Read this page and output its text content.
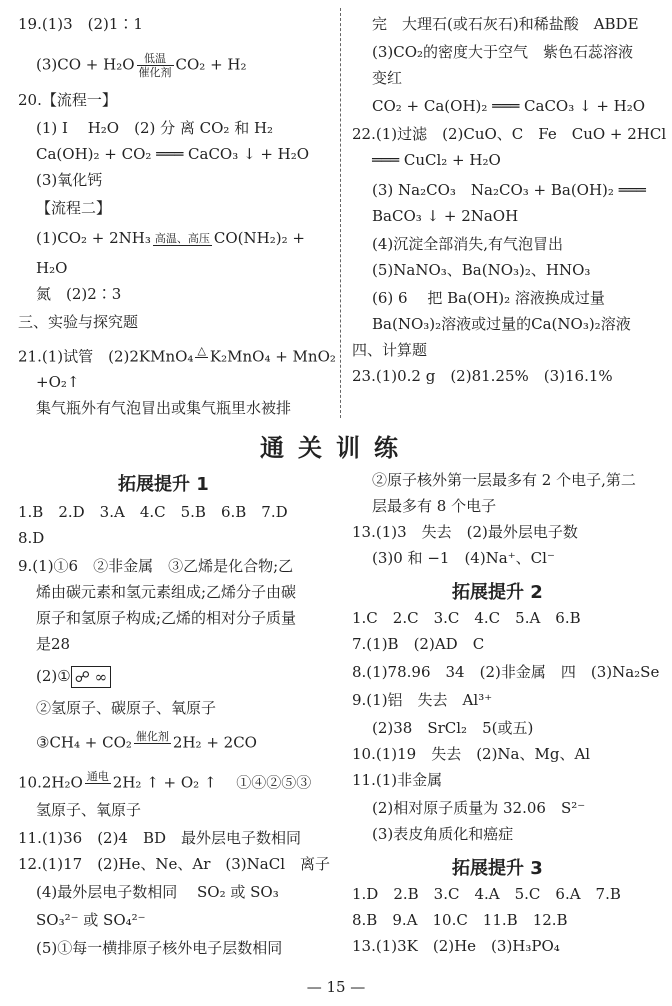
19.(1)3　(2)1∶1
$(3)CO + H_2O \frac{\text{低温}}{\text{催化剂}} CO_2 + H_2$
20.【流程一】
(1) Ⅰ　 H₂O　(2) 分 离 CO₂ 和 H₂
Ca(OH)₂ + CO₂ ═══ CaCO₃ ↓ + H₂O
(3)氧化钙
【流程二】
(1)CO₂ + 2NH₃ 高温、高压 CO(NH₂)₂ +
H₂O
氮　(2)2∶3
三、实验与探究题
21.(1)试管　(2)2KMnO₄ △
K₂MnO₄ + MnO₂
+O₂↑
集气瓶外有气泡冒出或集气瓶里水被排
完　大理石(或石灰石)和稀盐酸　ABDE
(3)CO₂的密度大于空气　紫色石蕊溶液
变红
CO₂ + Ca(OH)₂ ═══ CaCO₃ ↓ + H₂O
22.(1)过滤　(2)CuO、C　Fe　CuO + 2HCl
═══ CuCl₂ + H₂O
(3) Na₂CO₃　Na₂CO₃ + Ba(OH)₂ ═══
BaCO₃ ↓ + 2NaOH
(4)沉淀全部消失,有气泡冒出
(5)NaNO₃、Ba(NO₃)₂、HNO₃
(6) 6　 把 Ba(OH)₂ 溶液换成过量
Ba(NO₃)₂溶液或过量的Ca(NO₃)₂溶液
四、计算题
23.(1)0.2 g　(2)81.25%　(3)16.1%
通关训练
拓展提升 1
1.B　2.D　3.A　4.C　5.B　6.B　7.D
8.D
9.(1)①6　②非金属　③乙烯是化合物;乙
烯由碳元素和氢元素组成;乙烯分子由碳
原子和氢原子构成;乙烯的相对分子质量
是28
(2)① ☍ ∞
②氢原子、碳原子、氧原子
③CH₄ + CO₂ 催化剂
2H₂ + 2CO
10.2H₂O 通电
2H₂ ↑ + O₂ ↑　 ①④②⑤③
氢原子、氧原子
11.(1)36　(2)4　BD　最外层电子数相同
12.(1)17　(2)He、Ne、Ar　(3)NaCl　离子
(4)最外层电子数相同　 SO₂ 或 SO₃
SO₃²⁻ 或 SO₄²⁻
(5)①每一横排原子核外电子层数相同
②原子核外第一层最多有 2 个电子,第二
层最多有 8 个电子
13.(1)3　失去　(2)最外层电子数
(3)0 和 −1　(4)Na⁺、Cl⁻
拓展提升 2
1.C　2.C　3.C　4.C　5.A　6.B
7.(1)B　(2)AD　C
8.(1)78.96　34　(2)非金属　四　(3)Na₂Se
9.(1)铝　失去　Al³⁺
(2)38　SrCl₂　5(或五)
10.(1)19　失去　(2)Na、Mg、Al
11.(1)非金属
(2)相对原子质量为 32.06　S²⁻
(3)表皮角质化和癌症
拓展提升 3
1.D　2.B　3.C　4.A　5.C　6.A　7.B
8.B　9.A　10.C　11.B　12.B
13.(1)3K　(2)He　(3)H₃PO₄
— 15 —
